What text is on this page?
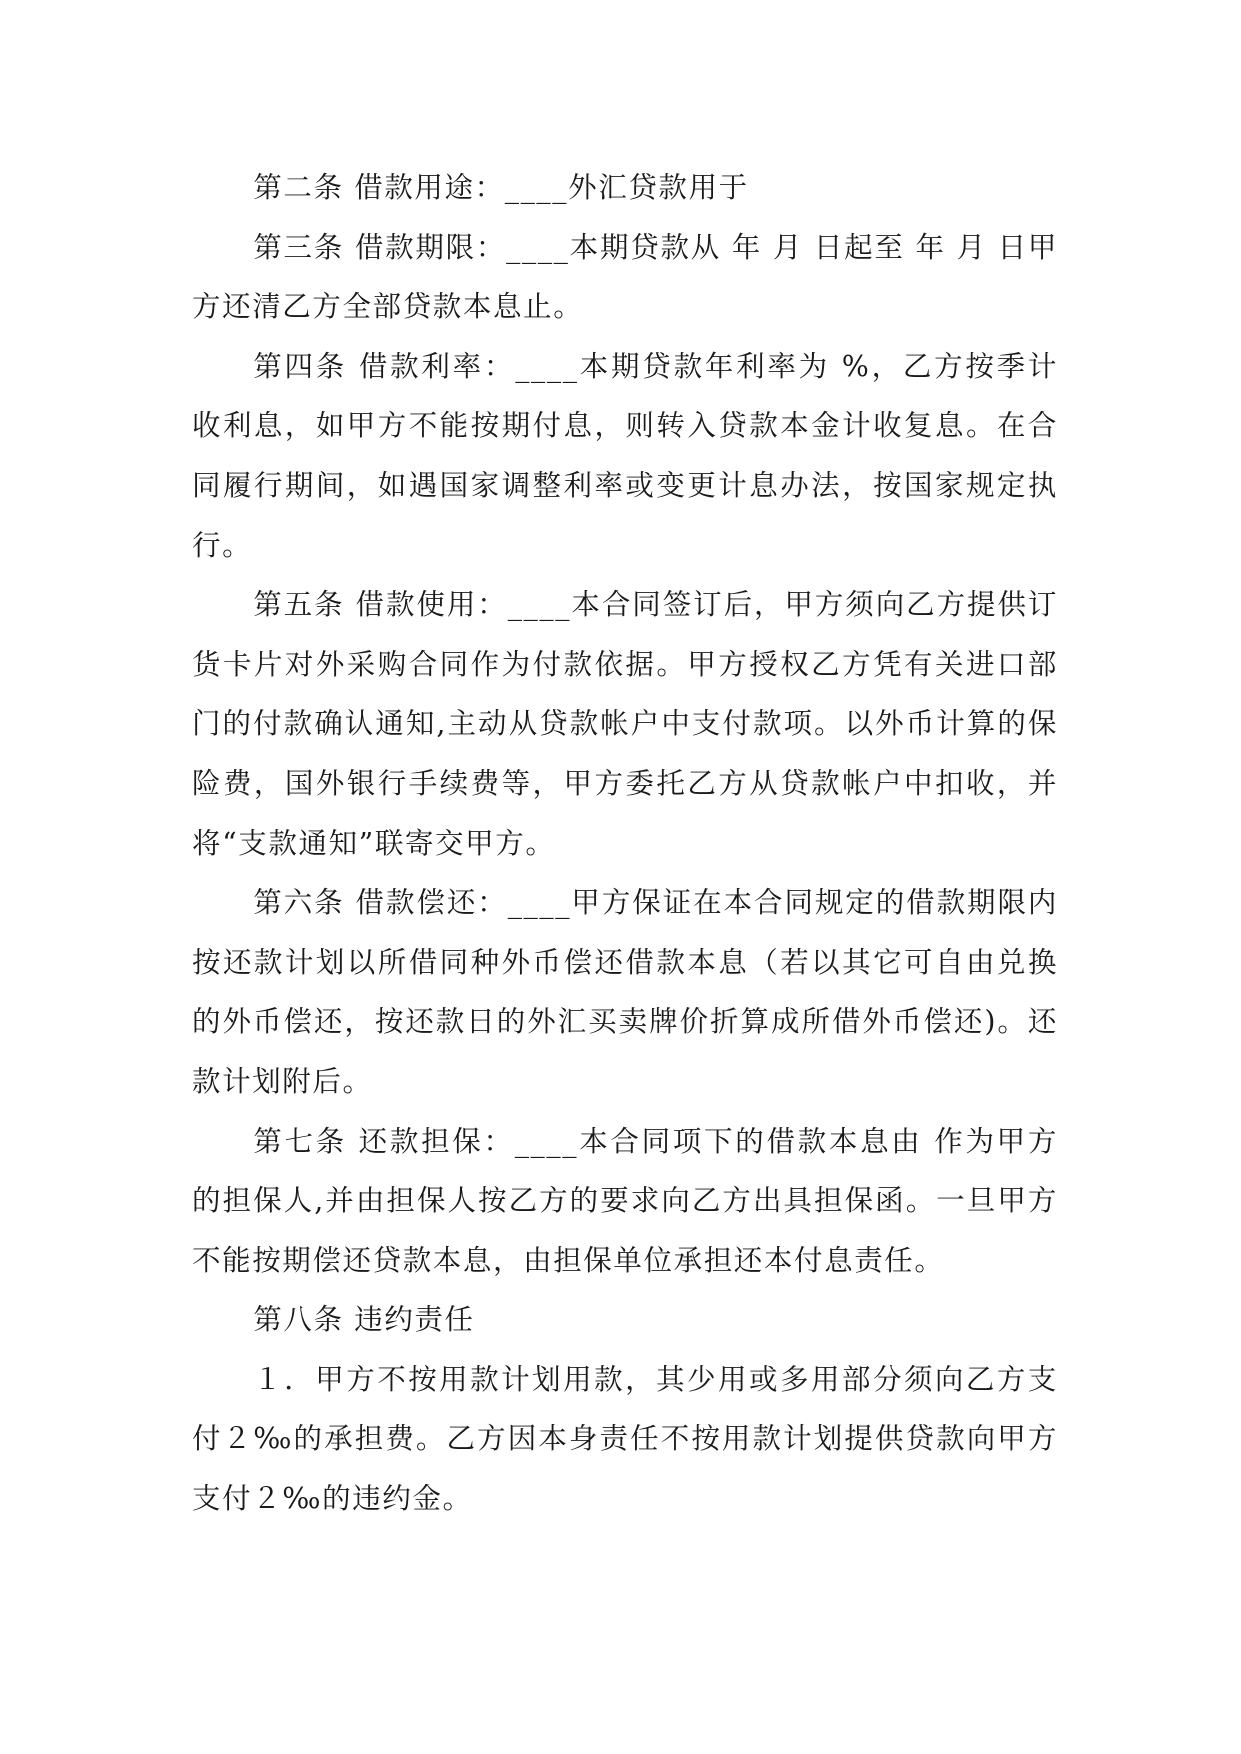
第二条 借款用途：____外汇贷款用于

第三条 借款期限：____本期贷款从 年 月 日起至 年 月 日甲方还清乙方全部贷款本息止。

第四条 借款利率：____本期贷款年利率为 %，乙方按季计收利息，如甲方不能按期付息，则转入贷款本金计收复息。在合同履行期间，如遇国家调整利率或变更计息办法，按国家规定执行。

第五条 借款使用：____本合同签订后，甲方须向乙方提供订货卡片对外采购合同作为付款依据。甲方授权乙方凭有关进口部门的付款确认通知,主动从贷款帐户中支付款项。以外币计算的保险费，国外银行手续费等，甲方委托乙方从贷款帐户中扣收，并将“支款通知”联寄交甲方。

第六条 借款偿还：____甲方保证在本合同规定的借款期限内按还款计划以所借同种外币偿还借款本息（若以其它可自由兑换的外币偿还，按还款日的外汇买卖牌价折算成所借外币偿还)。还款计划附后。

第七条 还款担保：____本合同项下的借款本息由 作为甲方的担保人,并由担保人按乙方的要求向乙方出具担保函。一旦甲方不能按期偿还贷款本息，由担保单位承担还本付息责任。

第八条 违约责任

１．甲方不按用款计划用款，其少用或多用部分须向乙方支付２‰的承担费。乙方因本身责任不按用款计划提供贷款向甲方支付２‰的违约金。
